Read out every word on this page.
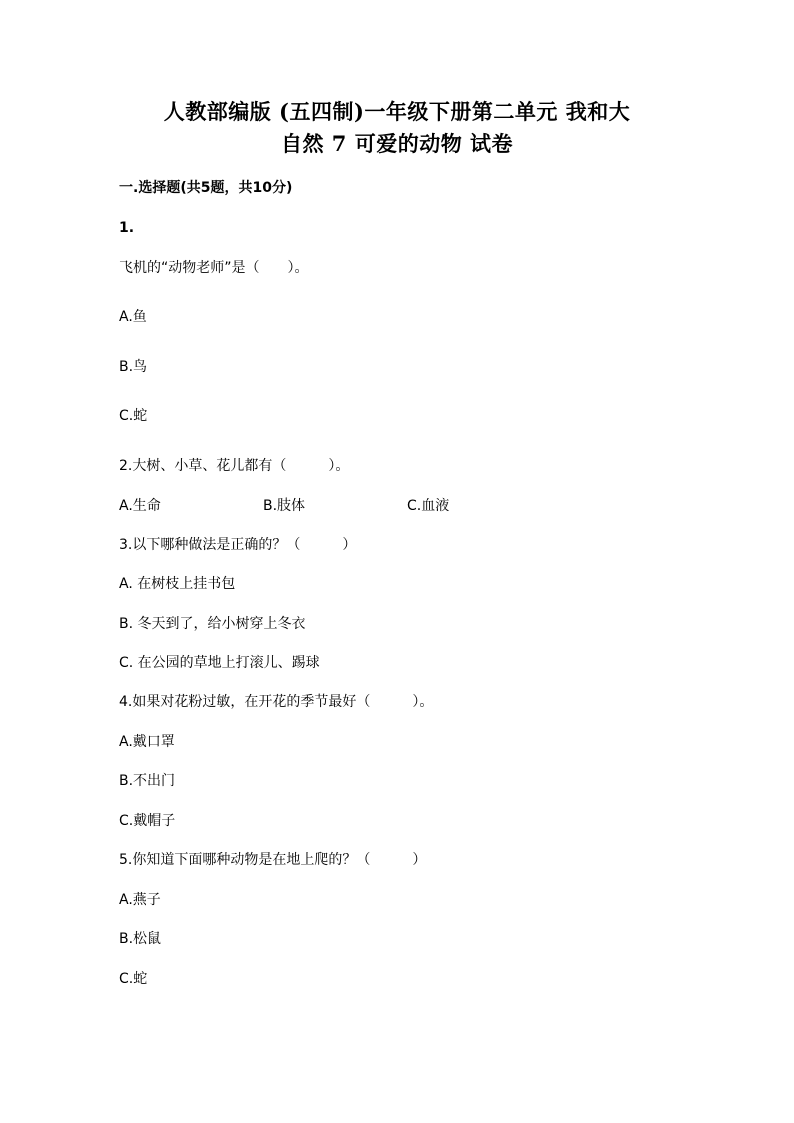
人教部编版 (五四制)一年级下册第二单元 我和大
自然 7 可爱的动物 试卷
一.选择题(共5题，共10分)
1.
飞机的“动物老师”是（　　）。
A.鱼
B.鸟
C.蛇
2.大树、小草、花儿都有（　　　）。
A.生命	B.肢体	C.血液
3.以下哪种做法是正确的？（　　　）
A. 在树枝上挂书包
B. 冬天到了，给小树穿上冬衣
C. 在公园的草地上打滚儿、踢球
4.如果对花粉过敏，在开花的季节最好（　　　）。
A.戴口罩
B.不出门
C.戴帽子
5.你知道下面哪种动物是在地上爬的？（　　　）
A.燕子
B.松鼠
C.蛇
